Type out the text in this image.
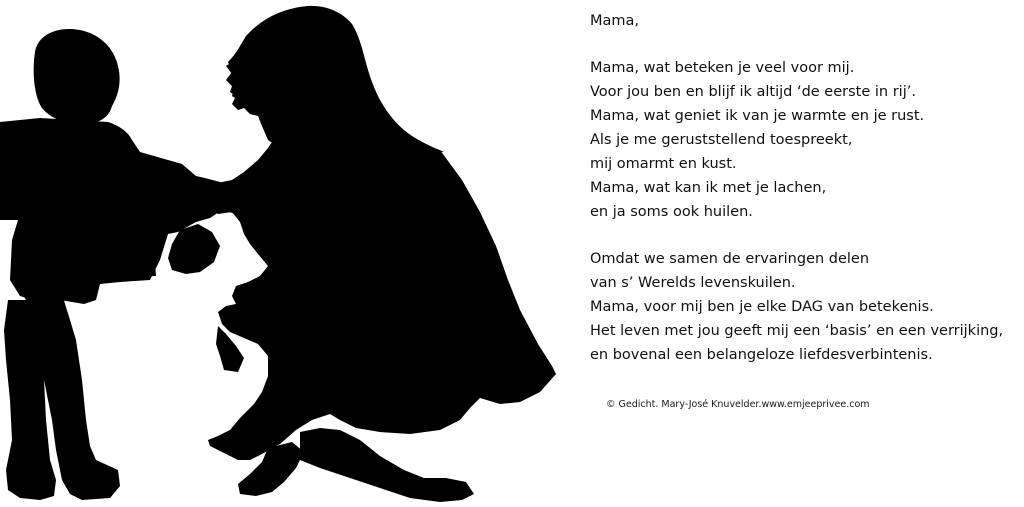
Mama,
Mama, wat beteken je veel voor mij.
Voor jou ben en blijf ik altijd ‘de eerste in rij’.
Mama, wat geniet ik van je warmte en je rust.
Als je me geruststellend toespreekt,
mij omarmt en kust.
Mama, wat kan ik met je lachen,
en ja soms ook huilen.
Omdat we samen de ervaringen delen
van s’ Werelds levenskuilen.
Mama, voor mij ben je elke DAG van betekenis.
Het leven met jou geeft mij een ‘basis’ en een verrijking,
en bovenal een belangeloze liefdesverbintenis.
© Gedicht. Mary-José Knuvelder.www.emjeeprivee.com
